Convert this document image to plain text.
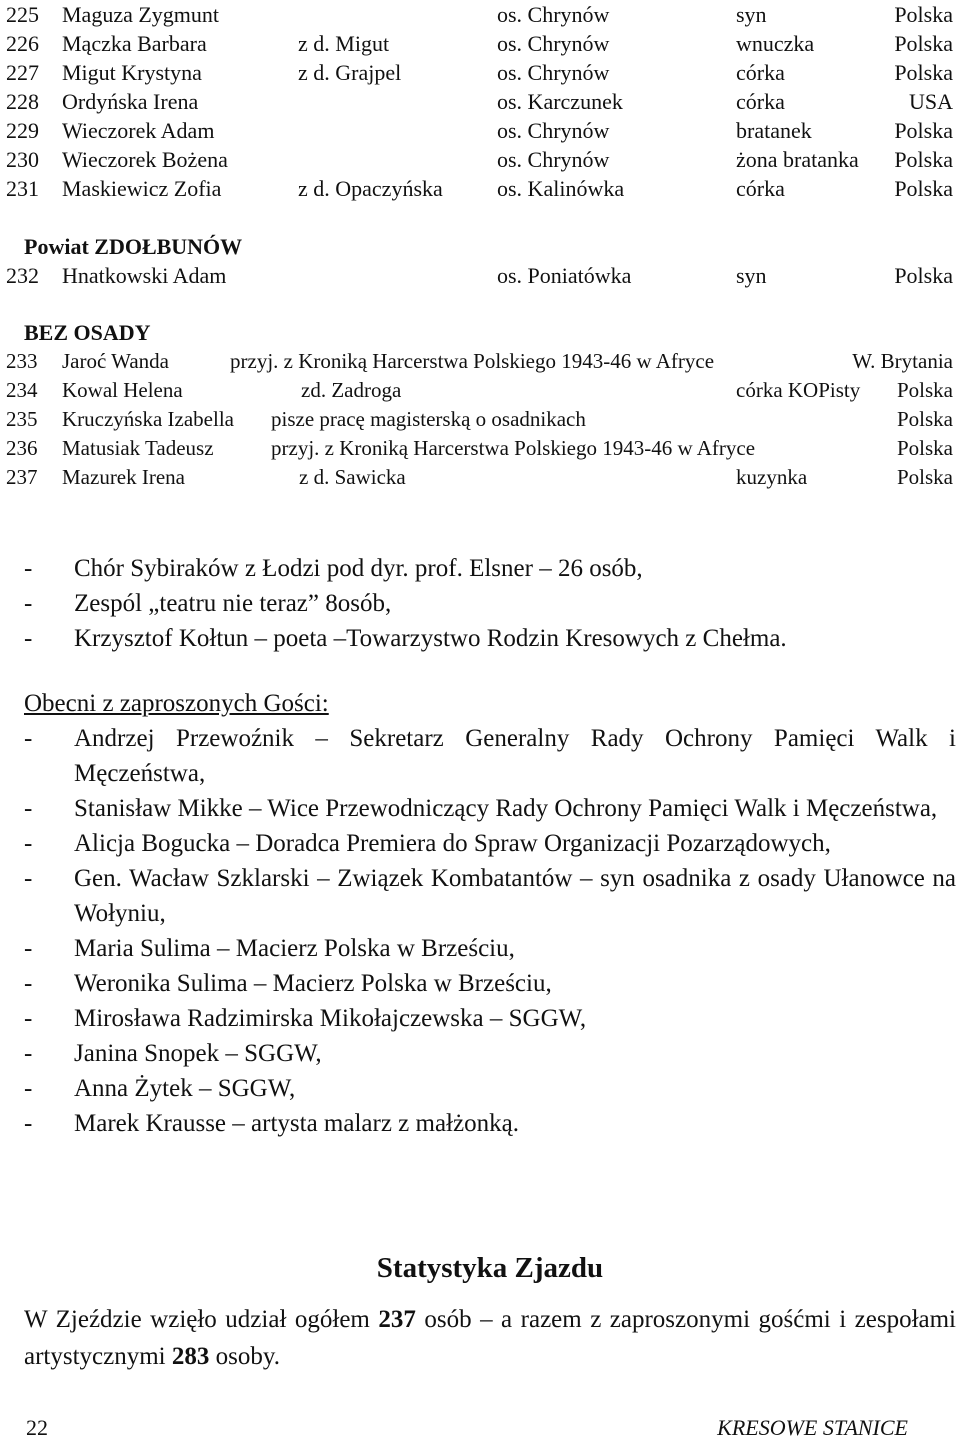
225 Maguza Zygmunt	os. Chrynów	syn	Polska
226 Mączka Barbara	z d. Migut	os. Chrynów	wnuczka	Polska
227 Migut Krystyna	z d. Grajpel	os. Chrynów	córka	Polska
228 Ordyńska Irena	os. Karczunek	córka	USA
229 Wieczorek Adam	os. Chrynów	bratanek	Polska
230 Wieczorek Bożena	os. Chrynów	żona bratanka Polska
231 Maskiewicz Zofia	z d. Opaczyńska os. Kalinówka	córka	Polska
Powiat ZDOŁBUNÓW
232 Hnatkowski Adam	os. Poniatówka	syn	Polska
BEZ OSADY
233 Jaroć Wanda	przyj. z Kroniką Harcerstwa Polskiego 1943-46 w Afryce	W. Brytania
234 Kowal Helena	zd. Zadroga	córka KOPisty Polska
235 Kruczyńska Izabella pisze pracę magisterską o osadnikach	Polska
236 Matusiak Tadeusz	przyj. z Kroniką Harcerstwa Polskiego 1943-46 w Afryce	Polska
237 Mazurek Irena	z d. Sawicka	kuzynka	Polska
- Chór Sybiraków z Łodzi pod dyr. prof. Elsner – 26 osób,
- Zespól „teatru nie teraz” 8osób,
- Krzysztof Kołtun – poeta –Towarzystwo Rodzin Kresowych z Chełma.
Obecni z zaproszonych Gości:
- Andrzej Przewoźnik – Sekretarz Generalny Rady Ochrony Pamięci Walk i Męczeństwa,
- Stanisław Mikke – Wice Przewodniczący Rady Ochrony Pamięci Walk i Męczeństwa,
- Alicja Bogucka – Doradca Premiera do Spraw Organizacji Pozarządowych,
- Gen. Wacław Szklarski – Związek Kombatantów – syn osadnika z osady Ułanowce na Wołyniu,
- Maria Sulima – Macierz Polska w Brześciu,
- Weronika Sulima – Macierz Polska w Brześciu,
- Mirosława Radzimirska Mikołajczewska – SGGW,
- Janina Snopek – SGGW,
- Anna Żytek – SGGW,
- Marek Krausse – artysta malarz z małżonką.
Statystyka Zjazdu
W Zjeździe wzięło udział ogółem 237 osób – a razem z zaproszonymi gośćmi i zespołami artystycznymi 283 osoby.
22	KRESOWE STANICE
